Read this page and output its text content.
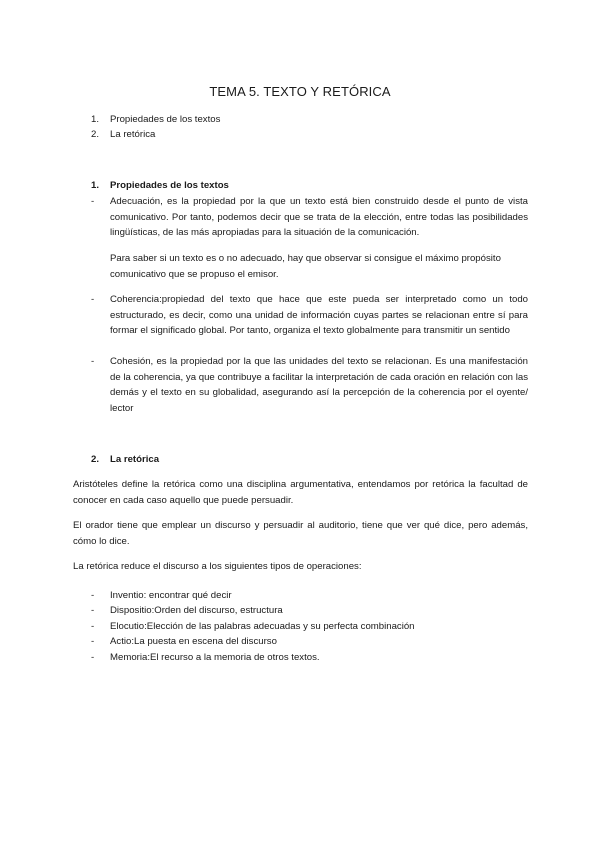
TEMA 5. TEXTO Y RETÓRICA
1.	Propiedades de los textos
2.	La retórica
1.	Propiedades de los textos
-	Adecuación, es la propiedad por la que un texto está bien construido desde el punto de vista comunicativo. Por tanto, podemos decir que se trata de la elección, entre todas las posibilidades lingüísticas, de las más apropiadas para la situación de la comunicación.
Para saber si un texto es o no adecuado, hay que observar si consigue el máximo propósito comunicativo que se propuso el emisor.
-	Coherencia:propiedad del texto que hace que este pueda ser interpretado como un todo estructurado, es decir, como una unidad de información cuyas partes se relacionan entre sí para formar el significado global. Por tanto, organiza el texto globalmente para transmitir un sentido
-	Cohesión, es la propiedad por la que las unidades del texto se relacionan. Es una manifestación de la coherencia, ya que contribuye a facilitar la interpretación de cada oración en relación con las demás y el texto en su globalidad, asegurando así la percepción de la coherencia por el oyente/ lector
2.	La retórica
Aristóteles define la retórica como una disciplina argumentativa, entendamos por retórica la facultad de conocer en cada caso aquello que puede persuadir.
El orador tiene que emplear un discurso y persuadir al auditorio, tiene que ver qué dice, pero además, cómo lo dice.
La retórica reduce el discurso a los siguientes tipos de operaciones:
-	Inventio: encontrar qué decir
-	Dispositio:Orden del discurso, estructura
-	Elocutio:Elección de las palabras adecuadas y su perfecta combinación
-	Actio:La puesta en escena del discurso
-	Memoria:El recurso a la memoria de otros textos.
